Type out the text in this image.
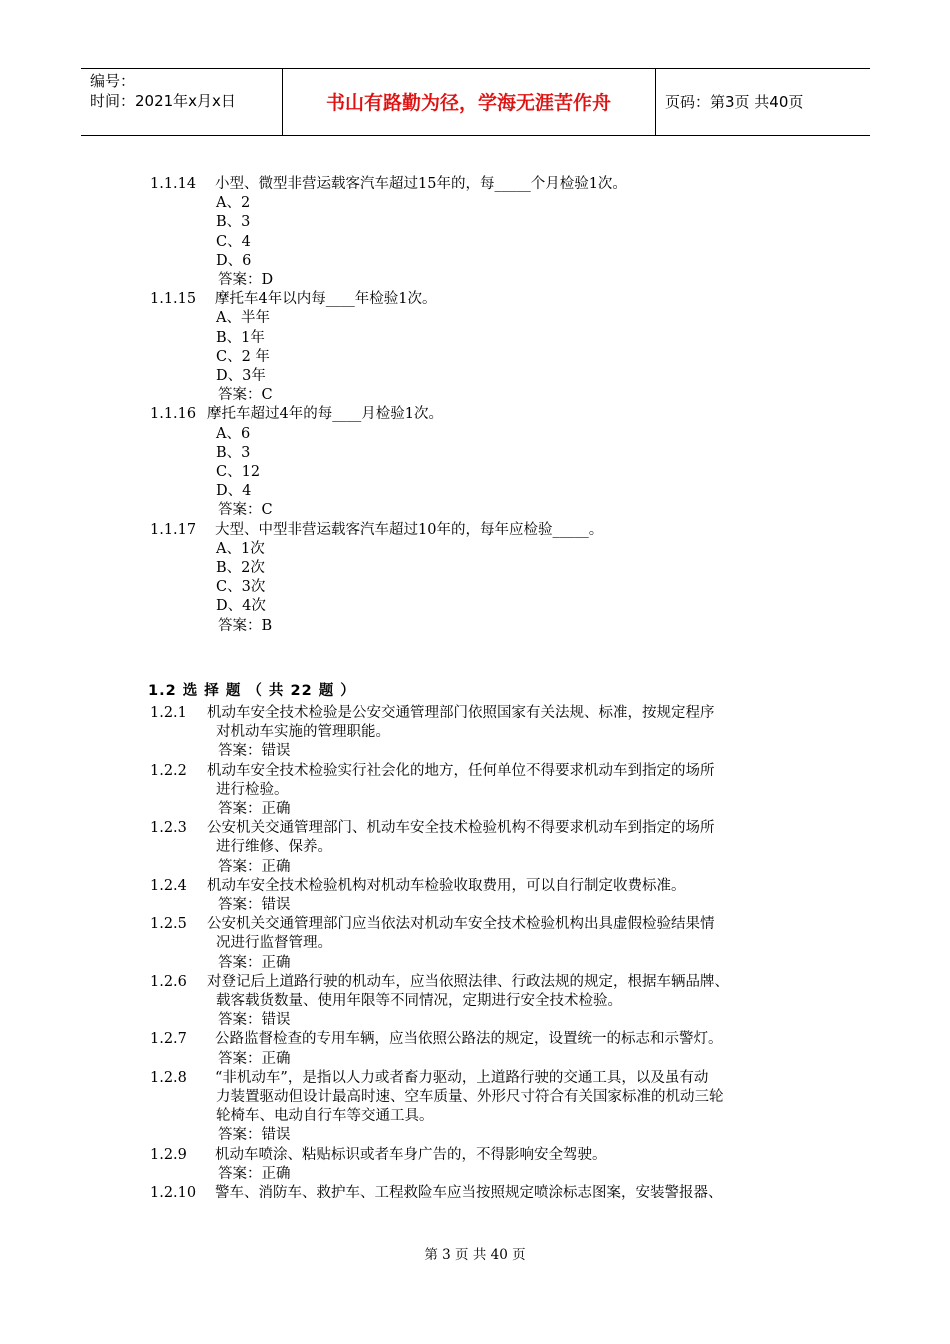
编号：
时间：2021年x月x日	书山有路勤为径，学海无涯苦作舟	页码：第3页 共40页
1.1.14 小型、微型非营运载客汽车超过15年的，每_____个月检验1次。
A、2
B、3
C、4
D、6
答案：D
1.1.15 摩托车4年以内每____年检验1次。
A、半年
B、1年
C、2 年
D、3年
答案：C
1.1.16 摩托车超过4年的每____月检验1次。
A、6
B、3
C、12
D、4
答案：C
1.1.17 大型、中型非营运载客汽车超过10年的，每年应检验_____。
A、1次
B、2次
C、3次
D、4次
答案：B
1.2.1 机动车安全技术检验是公安交通管理部门依照国家有关法规、标准，按规定程序
对机动车实施的管理职能。
答案：错误
1.2.2 机动车安全技术检验实行社会化的地方，任何单位不得要求机动车到指定的场所
进行检验。
答案：正确
1.2.3 公安机关交通管理部门、机动车安全技术检验机构不得要求机动车到指定的场所
进行维修、保养。
答案：正确
1.2.4 机动车安全技术检验机构对机动车检验收取费用，可以自行制定收费标准。
答案：错误
1.2.5 公安机关交通管理部门应当依法对机动车安全技术检验机构出具虚假检验结果情
况进行监督管理。
答案：正确
1.2.6 对登记后上道路行驶的机动车，应当依照法律、行政法规的规定，根据车辆品牌、
载客载货数量、使用年限等不同情况，定期进行安全技术检验。
答案：错误
1.2.7 公路监督检查的专用车辆，应当依照公路法的规定，设置统一的标志和示警灯。
答案：正确
1.2.8 “非机动车”，是指以人力或者畜力驱动，上道路行驶的交通工具，以及虽有动
力装置驱动但设计最高时速、空车质量、外形尺寸符合有关国家标准的机动三轮
轮椅车、电动自行车等交通工具。
答案：错误
1.2.9 机动车喷涂、粘贴标识或者车身广告的，不得影响安全驾驶。
答案：正确
1.2.10 警车、消防车、救护车、工程救险车应当按照规定喷涂标志图案，安装警报器、
1.2 选 择 题 （ 共 22 题 ）
第 3 页 共 40 页
